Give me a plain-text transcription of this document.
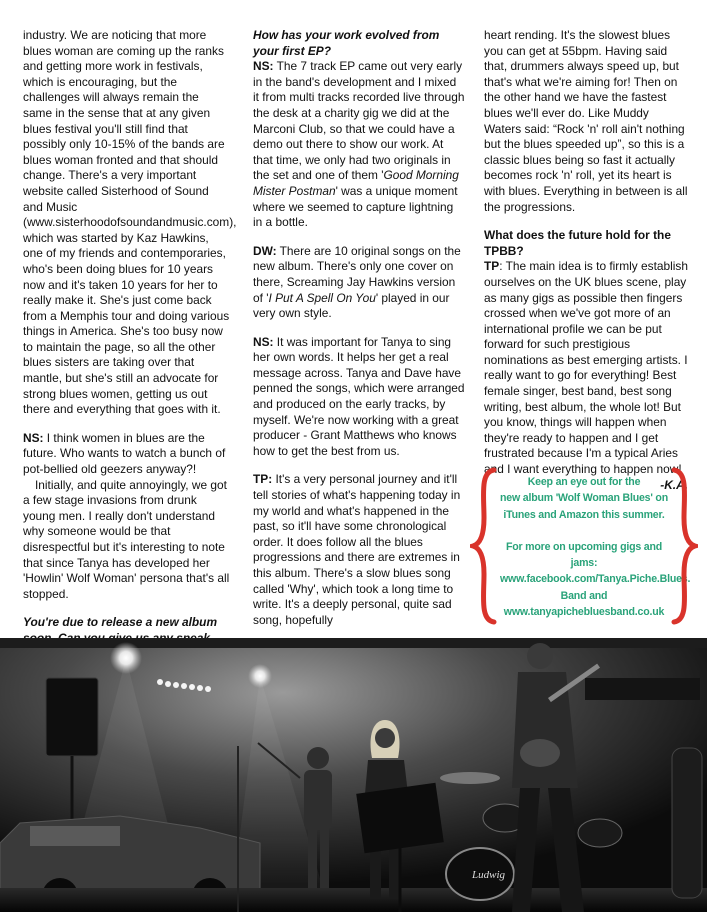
industry. We are noticing that more blues woman are coming up the ranks and getting more work in festivals, which is encouraging, but the challenges will always remain the same in the sense that at any given blues festival you'll still find that possibly only 10-15% of the bands are blues woman fronted and that should change. There's a very important website called Sisterhood of Sound and Music (www.sisterhoodofsoundandmusic.com), which was started by Kaz Hawkins, one of my friends and contemporaries, who's been doing blues for 10 years now and it's taken 10 years for her to really make it. She's just come back from a Memphis tour and doing various things in America. She's too busy now to maintain the page, so all the other blues sisters are taking over that mantle, but she's still an advocate for strong blues women, getting us out there and everything that goes with it.

NS: I think women in blues are the future. Who wants to watch a bunch of pot-bellied old geezers anyway?!

Initially, and quite annoyingly, we got a few stage invasions from drunk young men. I really don't understand why someone would be that disrespectful but it's interesting to note that since Tanya has developed her 'Howlin' Wolf Woman' persona that's all stopped.

You're due to release a new album

How has your work evolved from your first EP?

NS: The 7 track EP came out very early in the band's development and I mixed it from multi tracks recorded live through the desk at a charity gig we did at the Marconi Club, so that we could have a demo out there to show our work. At that time, we only had two originals in the set and one of them 'Good Morning Mister Postman' was a unique moment where we seemed to capture lightning in a bottle.

DW: There are 10 original songs on the new album. There's only one cover on there, Screaming Jay Hawkins version of 'I Put A Spell On You' played in our very own style.

NS: It was important for Tanya to sing her own words. It helps her get a real message across. Tanya and Dave have penned the songs, which were arranged and produced on the early tracks, by myself. We're now working with a great producer - Grant Matthews who knows how to get the best from us.

TP: It's a very personal journey and it'll tell stories of what's happening today in my world and what's happened in the past, so it'll have some chronological order. It does follow all the blues progressions and there are extremes in this album. There's a slow blues song called 'Why', which took a long time to write. It's a deeply personal, quite sad song, hopefully

heart rending. It's the slowest blues you can get at 55bpm. Having said that, drummers always speed up, but that's what we're aiming for! Then on the other hand we have the fastest blues we'll ever do. Like Muddy Waters said: “Rock 'n' roll ain't nothing but the blues speeded up”, so this is a classic blues being so fast it actually becomes rock 'n' roll, yet its heart is with blues. Everything in between is all the progressions.

What does the future hold for the TPBB?

TP: The main idea is to firmly establish ourselves on the UK blues scene, play as many gigs as possible then fingers crossed when we've got more of an international profile we can be put forward for such prestigious nominations as best emerging artists. I really want to go for everything! Best female singer, best band, best song writing, best album, the whole lot! But you know, things will happen when they're ready to happen and I get frustrated because I'm a typical Aries and I want everything to happen now!

-K.A.

Keep an eye out for the
new album 'Wolf Woman Blues' on
iTunes and Amazon this summer.
For more on upcoming gigs and jams:
www.facebook.com/Tanya.Piche.Blues.
Band and
www.tanyapichebluesband.co.uk
Ludwig
